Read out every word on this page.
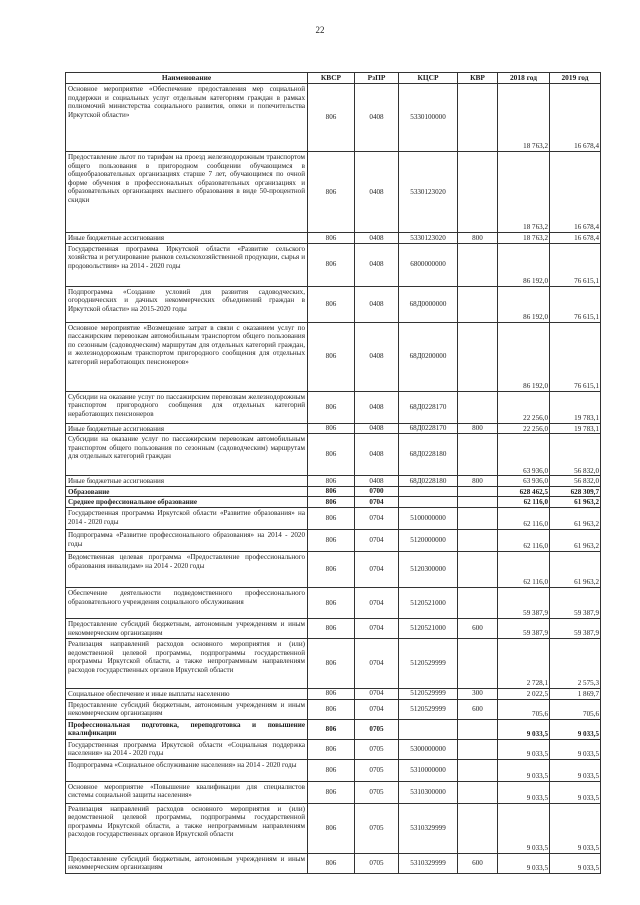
22
Наименование	КВСР	РзПР	КЦСР	КВР	2018 год	2019 год
Основное мероприятие «Обеспечение предоставления мер социальной поддержки и социальных услуг отдельным категориям граждан в рамках полномочий министерства социального развития, опеки и попечительства Иркутской области»	806	0408	5330100000		18 763,2	16 678,4
Предоставление льгот по тарифам на проезд железнодорожным транспортом общего пользования в пригородном сообщении обучающимся в общеобразовательных организациях старше 7 лет, обучающимся по очной форме обучения в профессиональных образовательных организациях и образовательных организациях высшего образования в виде 50-процентной скидки	806	0408	5330123020		18 763,2	16 678,4
Иные бюджетные ассигнования	806	0408	5330123020	800	18 763,2	16 678,4
Государственная программа Иркутской области «Развитие сельского хозяйства и регулирование рынков сельскохозяйственной продукции, сырья и продовольствия» на 2014 - 2020 годы	806	0408	6800000000		86 192,0	76 615,1
Подпрограмма «Создание условий для развития садоводческих, огороднических и дачных некоммерческих объединений граждан в Иркутской области» на 2015-2020 годы	806	0408	68Д0000000		86 192,0	76 615,1
Основное мероприятие «Возмещение затрат в связи с оказанием услуг по пассажирским перевозкам автомобильным транспортом общего пользования по сезонным (садоводческим) маршрутам для отдельных категорий граждан, и железнодорожным транспортом пригородного сообщения для отдельных категорий неработающих пенсионеров»	806	0408	68Д0200000		86 192,0	76 615,1
Субсидии на оказание услуг по пассажирским перевозкам железнодорожным транспортом пригородного сообщения для отдельных категорий неработающих пенсионеров	806	0408	68Д0228170		22 256,0	19 783,1
Иные бюджетные ассигнования	806	0408	68Д0228170	800	22 256,0	19 783,1
Субсидии на оказание услуг по пассажирским перевозкам автомобильным транспортом общего пользования по сезонным (садоводческим) маршрутам для отдельных категорий граждан	806	0408	68Д0228180		63 936,0	56 832,0
Иные бюджетные ассигнования	806	0408	68Д0228180	800	63 936,0	56 832,0
Образование	806	0700			628 462,5	628 309,7
Среднее профессиональное образование	806	0704			62 116,0	61 963,2
Государственная программа Иркутской области «Развитие образования» на 2014 - 2020 годы	806	0704	5100000000		62 116,0	61 963,2
Подпрограмма «Развитие профессионального образования» на 2014 - 2020 годы	806	0704	5120000000		62 116,0	61 963,2
Ведомственная целевая программа «Предоставление профессионального образования инвалидам» на 2014 - 2020 годы	806	0704	5120300000		62 116,0	61 963,2
Обеспечение деятельности подведомственного профессионального образовательного учреждения социального обслуживания	806	0704	5120521000		59 387,9	59 387,9
Предоставление субсидий бюджетным, автономным учреждениям и иным некоммерческим организациям	806	0704	5120521000	600	59 387,9	59 387,9
Реализация направлений расходов основного мероприятия и (или) ведомственной целевой программы, подпрограммы государственной программы Иркутской области, а также непрограммным направлениям расходов государственных органов Иркутской области	806	0704	5120529999		2 728,1	2 575,3
Социальное обеспечение и иные выплаты населению	806	0704	5120529999	300	2 022,5	1 869,7
Предоставление субсидий бюджетным, автономным учреждениям и иным некоммерческим организациям	806	0704	5120529999	600	705,6	705,6
Профессиональная подготовка, переподготовка и повышение квалификации	806	0705			9 033,5	9 033,5
Государственная программа Иркутской области «Социальная поддержка населения» на 2014 - 2020 годы	806	0705	5300000000		9 033,5	9 033,5
Подпрограмма «Социальное обслуживание населения» на 2014 - 2020 годы	806	0705	5310000000		9 033,5	9 033,5
Основное мероприятие «Повышение квалификации для специалистов системы социальной защиты населения»	806	0705	5310300000		9 033,5	9 033,5
Реализация направлений расходов основного мероприятия и (или) ведомственной целевой программы, подпрограммы государственной программы Иркутской области, а также непрограммным направлениям расходов государственных органов Иркутской области	806	0705	5310329999		9 033,5	9 033,5
Предоставление субсидий бюджетным, автономным учреждениям и иным некоммерческим организациям	806	0705	5310329999	600	9 033,5	9 033,5
